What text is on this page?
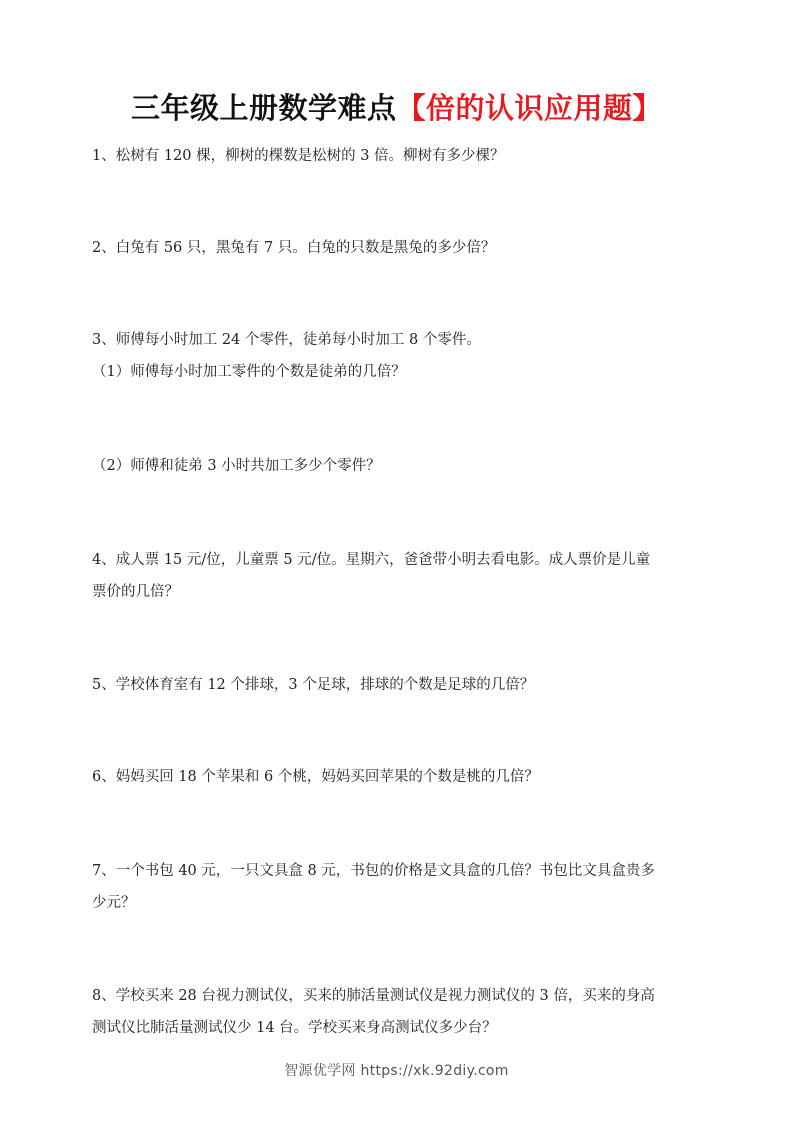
三年级上册数学难点【倍的认识应用题】
1、松树有 120 棵，柳树的棵数是松树的 3 倍。柳树有多少棵？
2、白兔有 56 只，黑兔有 7 只。白兔的只数是黑兔的多少倍？
3、师傅每小时加工 24 个零件，徒弟每小时加工 8 个零件。
（1）师傅每小时加工零件的个数是徒弟的几倍？
（2）师傅和徒弟 3 小时共加工多少个零件？
4、成人票 15 元/位，儿童票 5 元/位。星期六，爸爸带小明去看电影。成人票价是儿童
票价的几倍？
5、学校体育室有 12 个排球，3 个足球，排球的个数是足球的几倍？
6、妈妈买回 18 个苹果和 6 个桃，妈妈买回苹果的个数是桃的几倍？
7、一个书包 40 元，一只文具盒 8 元，书包的价格是文具盒的几倍？书包比文具盒贵多
少元？
8、学校买来 28 台视力测试仪，买来的肺活量测试仪是视力测试仪的 3 倍，买来的身高
测试仪比肺活量测试仪少 14 台。学校买来身高测试仪多少台？
智源优学网 https://xk.92diy.com
